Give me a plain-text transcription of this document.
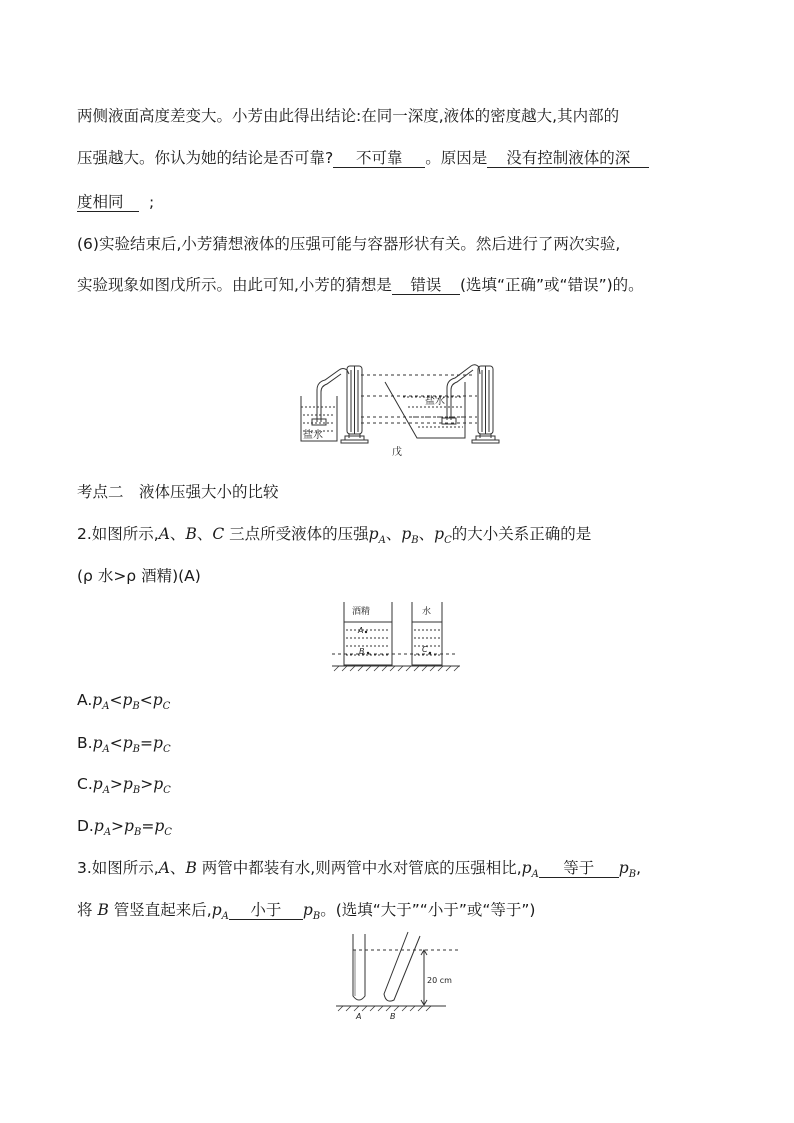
两侧液面高度差变大。小芳由此得出结论:在同一深度,液体的密度越大,其内部的
压强越大。你认为她的结论是否可靠? 不可靠 。原因是 没有控制液体的深
度相同 ;
(6)实验结束后,小芳猜想液体的压强可能与容器形状有关。然后进行了两次实验,
实验现象如图戊所示。由此可知,小芳的猜想是 错误 (选填“正确”或“错误”)的。
盐水
盐水
戊
考点二　液体压强大小的比较
2.如图所示,A、B、C 三点所受液体的压强$p_A$、$p_B$、$p_C$的大小关系正确的是
(ρ 水>ρ 酒精)(A)
酒精	水
A
B	C
$A.p_A<p_B<p_C$
$B.p_A<p_B=p_C$
$C.p_A>p_B>p_C$
$D.p_A>p_B=p_C$
3.如图所示,A、B 两管中都装有水,则两管中水对管底的压强相比$,p_A$ 等于 $p_B$,
将 B 管竖直起来后$,p_A$ 小于 $p_B$。(选填“大于”“小于”或“等于”)
20 cm
A	B
